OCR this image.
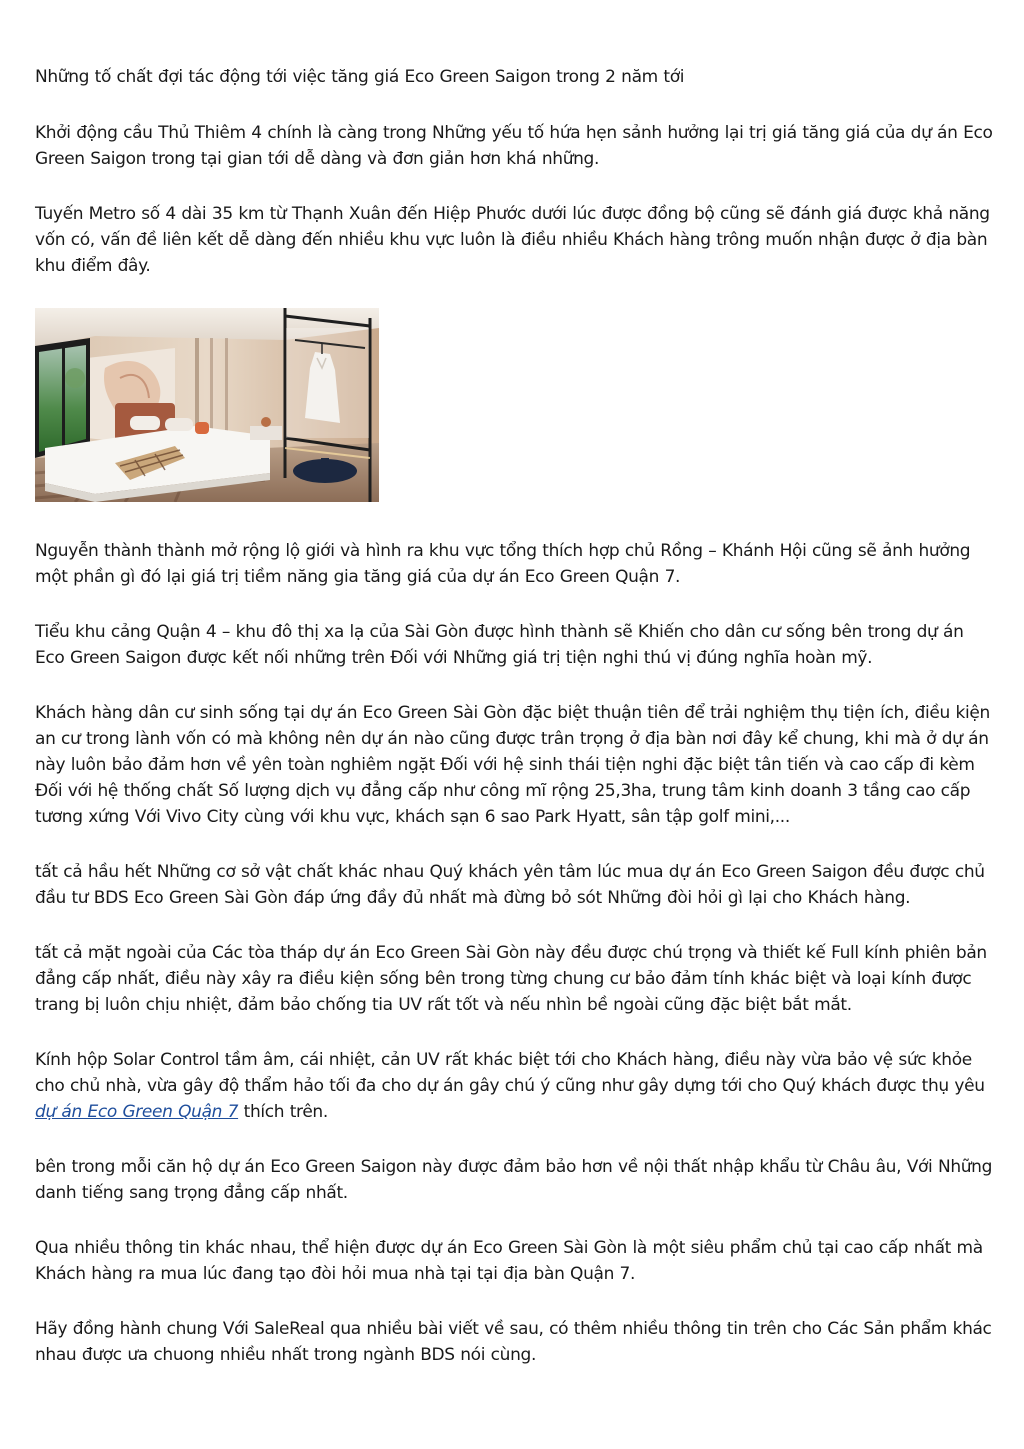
Những tố chất đợi tác động tới việc tăng giá Eco Green Saigon trong 2 năm tới

Khởi động cầu Thủ Thiêm 4 chính là càng trong Những yếu tố hứa hẹn sảnh hưởng lại trị giá tăng giá của dự án Eco Green Saigon trong tại gian tới dễ dàng và đơn giản hơn khá những.

Tuyến Metro số 4 dài 35 km từ Thạnh Xuân đến Hiệp Phước dưới lúc được đồng bộ cũng sẽ đánh giá được khả năng vốn có, vấn đề liên kết dễ dàng đến nhiều khu vực luôn là điều nhiều Khách hàng trông muốn nhận được ở địa bàn khu điểm đây.

Nguyễn thành thành mở rộng lộ giới và hình ra khu vực tổng thích hợp chủ Rồng – Khánh Hội cũng sẽ ảnh hưởng một phần gì đó lại giá trị tiềm năng gia tăng giá của dự án Eco Green Quận 7.

Tiểu khu cảng Quận 4 – khu đô thị xa lạ của Sài Gòn được hình thành sẽ Khiến cho dân cư sống bên trong dự án Eco Green Saigon được kết nối những trên Đối với Những giá trị tiện nghi thú vị đúng nghĩa hoàn mỹ.

Khách hàng dân cư sinh sống tại dự án Eco Green Sài Gòn đặc biệt thuận tiên để trải nghiệm thụ tiện ích, điều kiện an cư trong lành vốn có mà không nên dự án nào cũng được trân trọng ở địa bàn nơi đây kể chung, khi mà ở dự án này luôn bảo đảm hơn về yên toàn nghiêm ngặt Đối với hệ sinh thái tiện nghi đặc biệt tân tiến và cao cấp đi kèm Đối với hệ thống chất Số lượng dịch vụ đẳng cấp như công mĩ rộng 25,3ha, trung tâm kinh doanh 3 tầng cao cấp tương xứng Với Vivo City cùng với khu vực, khách sạn 6 sao Park Hyatt, sân tập golf mini,...

tất cả hầu hết Những cơ sở vật chất khác nhau Quý khách yên tâm lúc mua dự án Eco Green Saigon đều được chủ đầu tư BDS Eco Green Sài Gòn đáp ứng đầy đủ nhất mà đừng bỏ sót Những đòi hỏi gì lại cho Khách hàng.

tất cả mặt ngoài của Các tòa tháp dự án Eco Green Sài Gòn này đều được chú trọng và thiết kế Full kính phiên bản đẳng cấp nhất, điều này xây ra điều kiện sống bên trong từng chung cư bảo đảm tính khác biệt và loại kính được trang bị luôn chịu nhiệt, đảm bảo chống tia UV rất tốt và nếu nhìn bề ngoài cũng đặc biệt bắt mắt.

Kính hộp Solar Control tầm âm, cái nhiệt, cản UV rất khác biệt tới cho Khách hàng, điều này vừa bảo vệ sức khỏe cho chủ nhà, vừa gây độ thẩm hảo tối đa cho dự án gây chú ý cũng như gây dựng tới cho Quý khách được thụ yêu dự án Eco Green Quận 7 thích trên.

bên trong mỗi căn hộ dự án Eco Green Saigon này được đảm bảo hơn về nội thất nhập khẩu từ Châu âu, Với Những danh tiếng sang trọng đẳng cấp nhất.

Qua nhiều thông tin khác nhau, thể hiện được dự án Eco Green Sài Gòn là một siêu phẩm chủ tại cao cấp nhất mà Khách hàng ra mua lúc đang tạo đòi hỏi mua nhà tại tại địa bàn Quận 7.

Hãy đồng hành chung Với SaleReal qua nhiều bài viết về sau, có thêm nhiều thông tin trên cho Các Sản phẩm khác nhau được ưa chuong nhiều nhất trong ngành BDS nói cùng.
